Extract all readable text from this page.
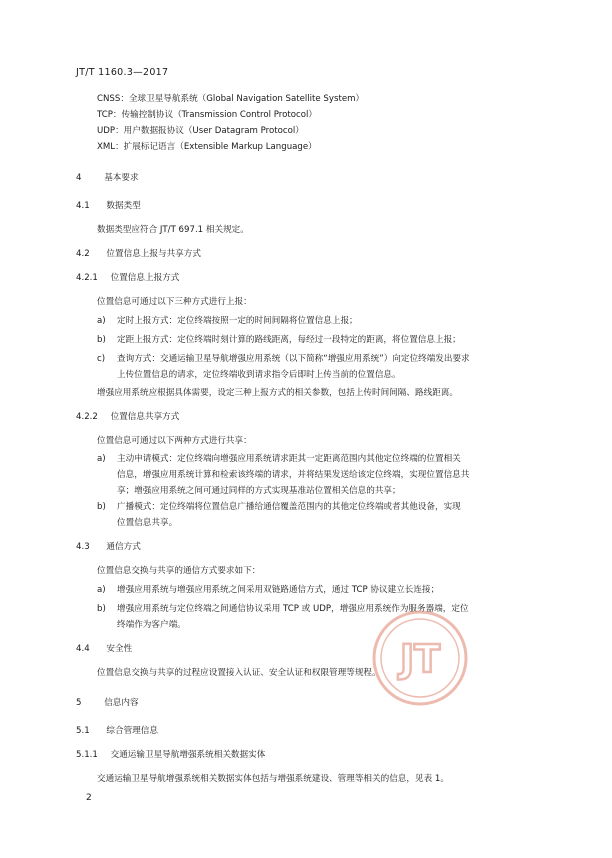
JT/T 1160.3—2017
CNSS：全球卫星导航系统（Global Navigation Satellite System）
TCP：传输控制协议（Transmission Control Protocol）
UDP：用户数据报协议（User Datagram Protocol）
XML：扩展标记语言（Extensible Markup Language）
4	基本要求
4.1 数据类型
数据类型应符合 JT/T 697.1 相关规定。
4.2 位置信息上报与共享方式
4.2.1 位置信息上报方式
位置信息可通过以下三种方式进行上报：
a) 定时上报方式：定位终端按照一定的时间间隔将位置信息上报；
b) 定距上报方式：定位终端时刻计算的路线距离，每经过一段特定的距离，将位置信息上报；
c) 查询方式：交通运输卫星导航增强应用系统（以下简称“增强应用系统”）向定位终端发出要求
上传位置信息的请求，定位终端收到请求指令后即时上传当前的位置信息。
增强应用系统应根据具体需要，设定三种上报方式的相关参数，包括上传时间间隔、路线距离。
4.2.2 位置信息共享方式
位置信息可通过以下两种方式进行共享：
a) 主动申请模式：定位终端向增强应用系统请求距其一定距离范围内其他定位终端的位置相关
信息，增强应用系统计算和检索该终端的请求，并将结果发送给该定位终端，实现位置信息共
享；增强应用系统之间可通过同样的方式实现基准站位置相关信息的共享；
b) 广播模式：定位终端将位置信息广播给通信覆盖范围内的其他定位终端或者其他设备，实现
位置信息共享。
4.3 通信方式
位置信息交换与共享的通信方式要求如下：
a) 增强应用系统与增强应用系统之间采用双链路通信方式，通过 TCP 协议建立长连接；
b) 增强应用系统与定位终端之间通信协议采用 TCP 或 UDP，增强应用系统作为服务器端，定位
终端作为客户端。
4.4 安全性
位置信息交换与共享的过程应设置接入认证、安全认证和权限管理等规程。
5	信息内容
5.1 综合管理信息
5.1.1 交通运输卫星导航增强系统相关数据实体
交通运输卫星导航增强系统相关数据实体包括与增强系统建设、管理等相关的信息，见表 1。
2
JT
